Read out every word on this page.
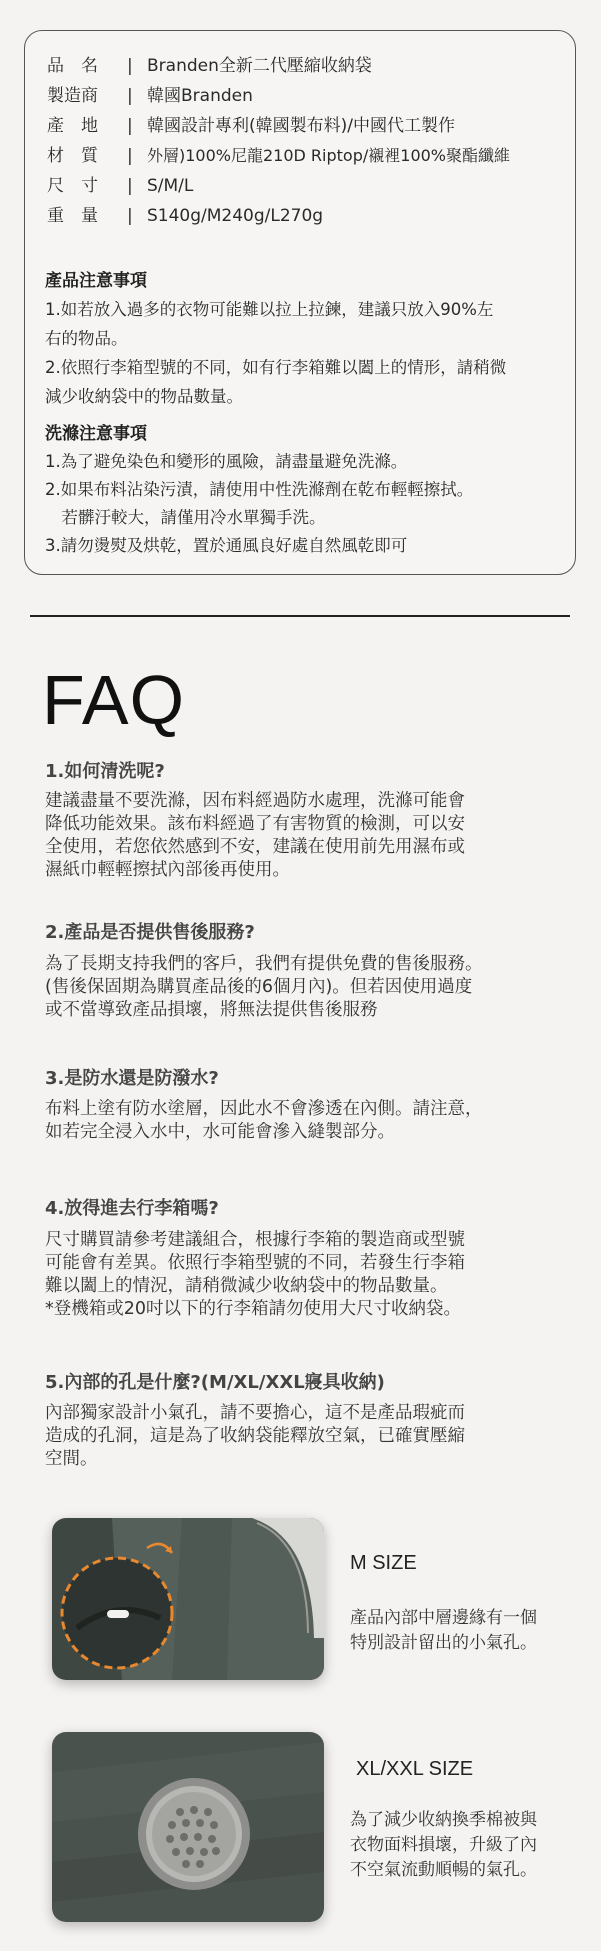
品　名 | Branden全新二代壓縮收納袋
製造商 | 韓國Branden
產　地 | 韓國設計專利(韓國製布料)/中國代工製作
材　質 | 外層)100%尼龍210D Riptop/襯裡100%聚酯纖維
尺　寸 | S/M/L
重　量 | S140g/M240g/L270g
產品注意事項
1.如若放入過多的衣物可能難以拉上拉鍊，建議只放入90%左
右的物品。
2.依照行李箱型號的不同，如有行李箱難以闔上的情形，請稍微
減少收納袋中的物品數量。
洗滌注意事項
1.為了避免染色和變形的風險，請盡量避免洗滌。
2.如果布料沾染污漬，請使用中性洗滌劑在乾布輕輕擦拭。
　若髒汙較大，請僅用冷水單獨手洗。
3.請勿燙熨及烘乾，置於通風良好處自然風乾即可
FAQ
1.如何清洗呢?
建議盡量不要洗滌，因布料經過防水處理，洗滌可能會
降低功能效果。該布料經過了有害物質的檢測，可以安
全使用，若您依然感到不安，建議在使用前先用濕布或
濕紙巾輕輕擦拭內部後再使用。
2.產品是否提供售後服務?
為了長期支持我們的客戶，我們有提供免費的售後服務。
(售後保固期為購買產品後的6個月內)。但若因使用過度
或不當導致產品損壞，將無法提供售後服務
3.是防水還是防潑水?
布料上塗有防水塗層，因此水不會滲透在內側。請注意，
如若完全浸入水中，水可能會滲入縫製部分。
4.放得進去行李箱嗎?
尺寸購買請參考建議組合，根據行李箱的製造商或型號
可能會有差異。依照行李箱型號的不同，若發生行李箱
難以闔上的情況，請稍微減少收納袋中的物品數量。
*登機箱或20吋以下的行李箱請勿使用大尺寸收納袋。
5.內部的孔是什麼?(M/XL/XXL寢具收納)
內部獨家設計小氣孔，請不要擔心，這不是產品瑕疵而
造成的孔洞，這是為了收納袋能釋放空氣，已確實壓縮
空間。
M SIZE
產品內部中層邊緣有一個
特別設計留出的小氣孔。
XL/XXL SIZE
為了減少收納換季棉被與
衣物面料損壞，升級了內
不空氣流動順暢的氣孔。
